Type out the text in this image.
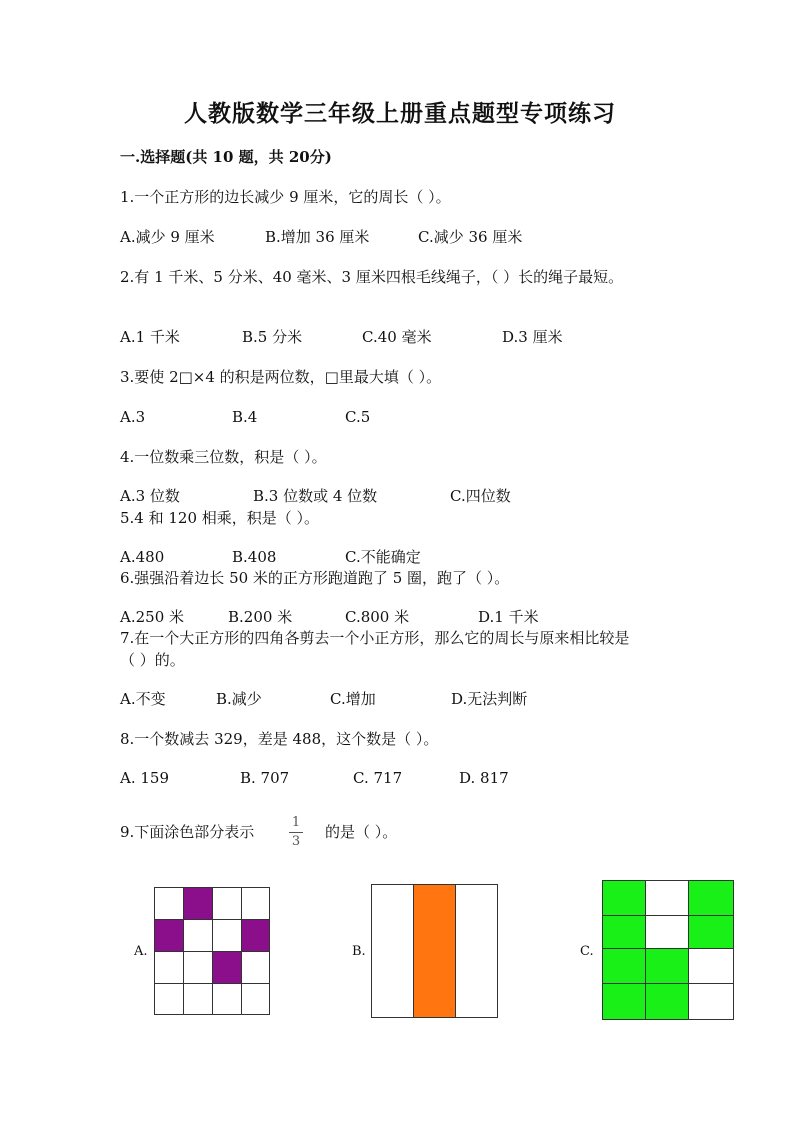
人教版数学三年级上册重点题型专项练习
一.选择题(共 10 题，共 20分)
1.一个正方形的边长减少 9 厘米，它的周长（ ）。
A.减少 9 厘米	B.增加 36 厘米	C.减少 36 厘米
2.有 1 千米、5 分米、40 毫米、3 厘米四根毛线绳子，（ ）长的绳子最短。
A.1 千米	B.5 分米	C.40 毫米	D.3 厘米
3.要使 2□×4 的积是两位数，□里最大填（ ）。
A.3	B.4	C.5
4.一位数乘三位数，积是（ ）。
A.3 位数	B.3 位数或 4 位数	C.四位数
5.4 和 120 相乘，积是（ ）。
A.480	B.408	C.不能确定
6.强强沿着边长 50 米的正方形跑道跑了 5 圈，跑了（ ）。
A.250 米	B.200 米	C.800 米	D.1 千米
7.在一个大正方形的四角各剪去一个小正方形，那么它的周长与原来相比较是
（ ）的。
A.不变	B.减少	C.增加	D.无法判断
8.一个数减去 329，差是 488，这个数是（ ）。
A. 159	B. 707	C. 717	D. 817
9.下面涂色部分表示
1
3
的是（ ）。
A.	B.	C.
